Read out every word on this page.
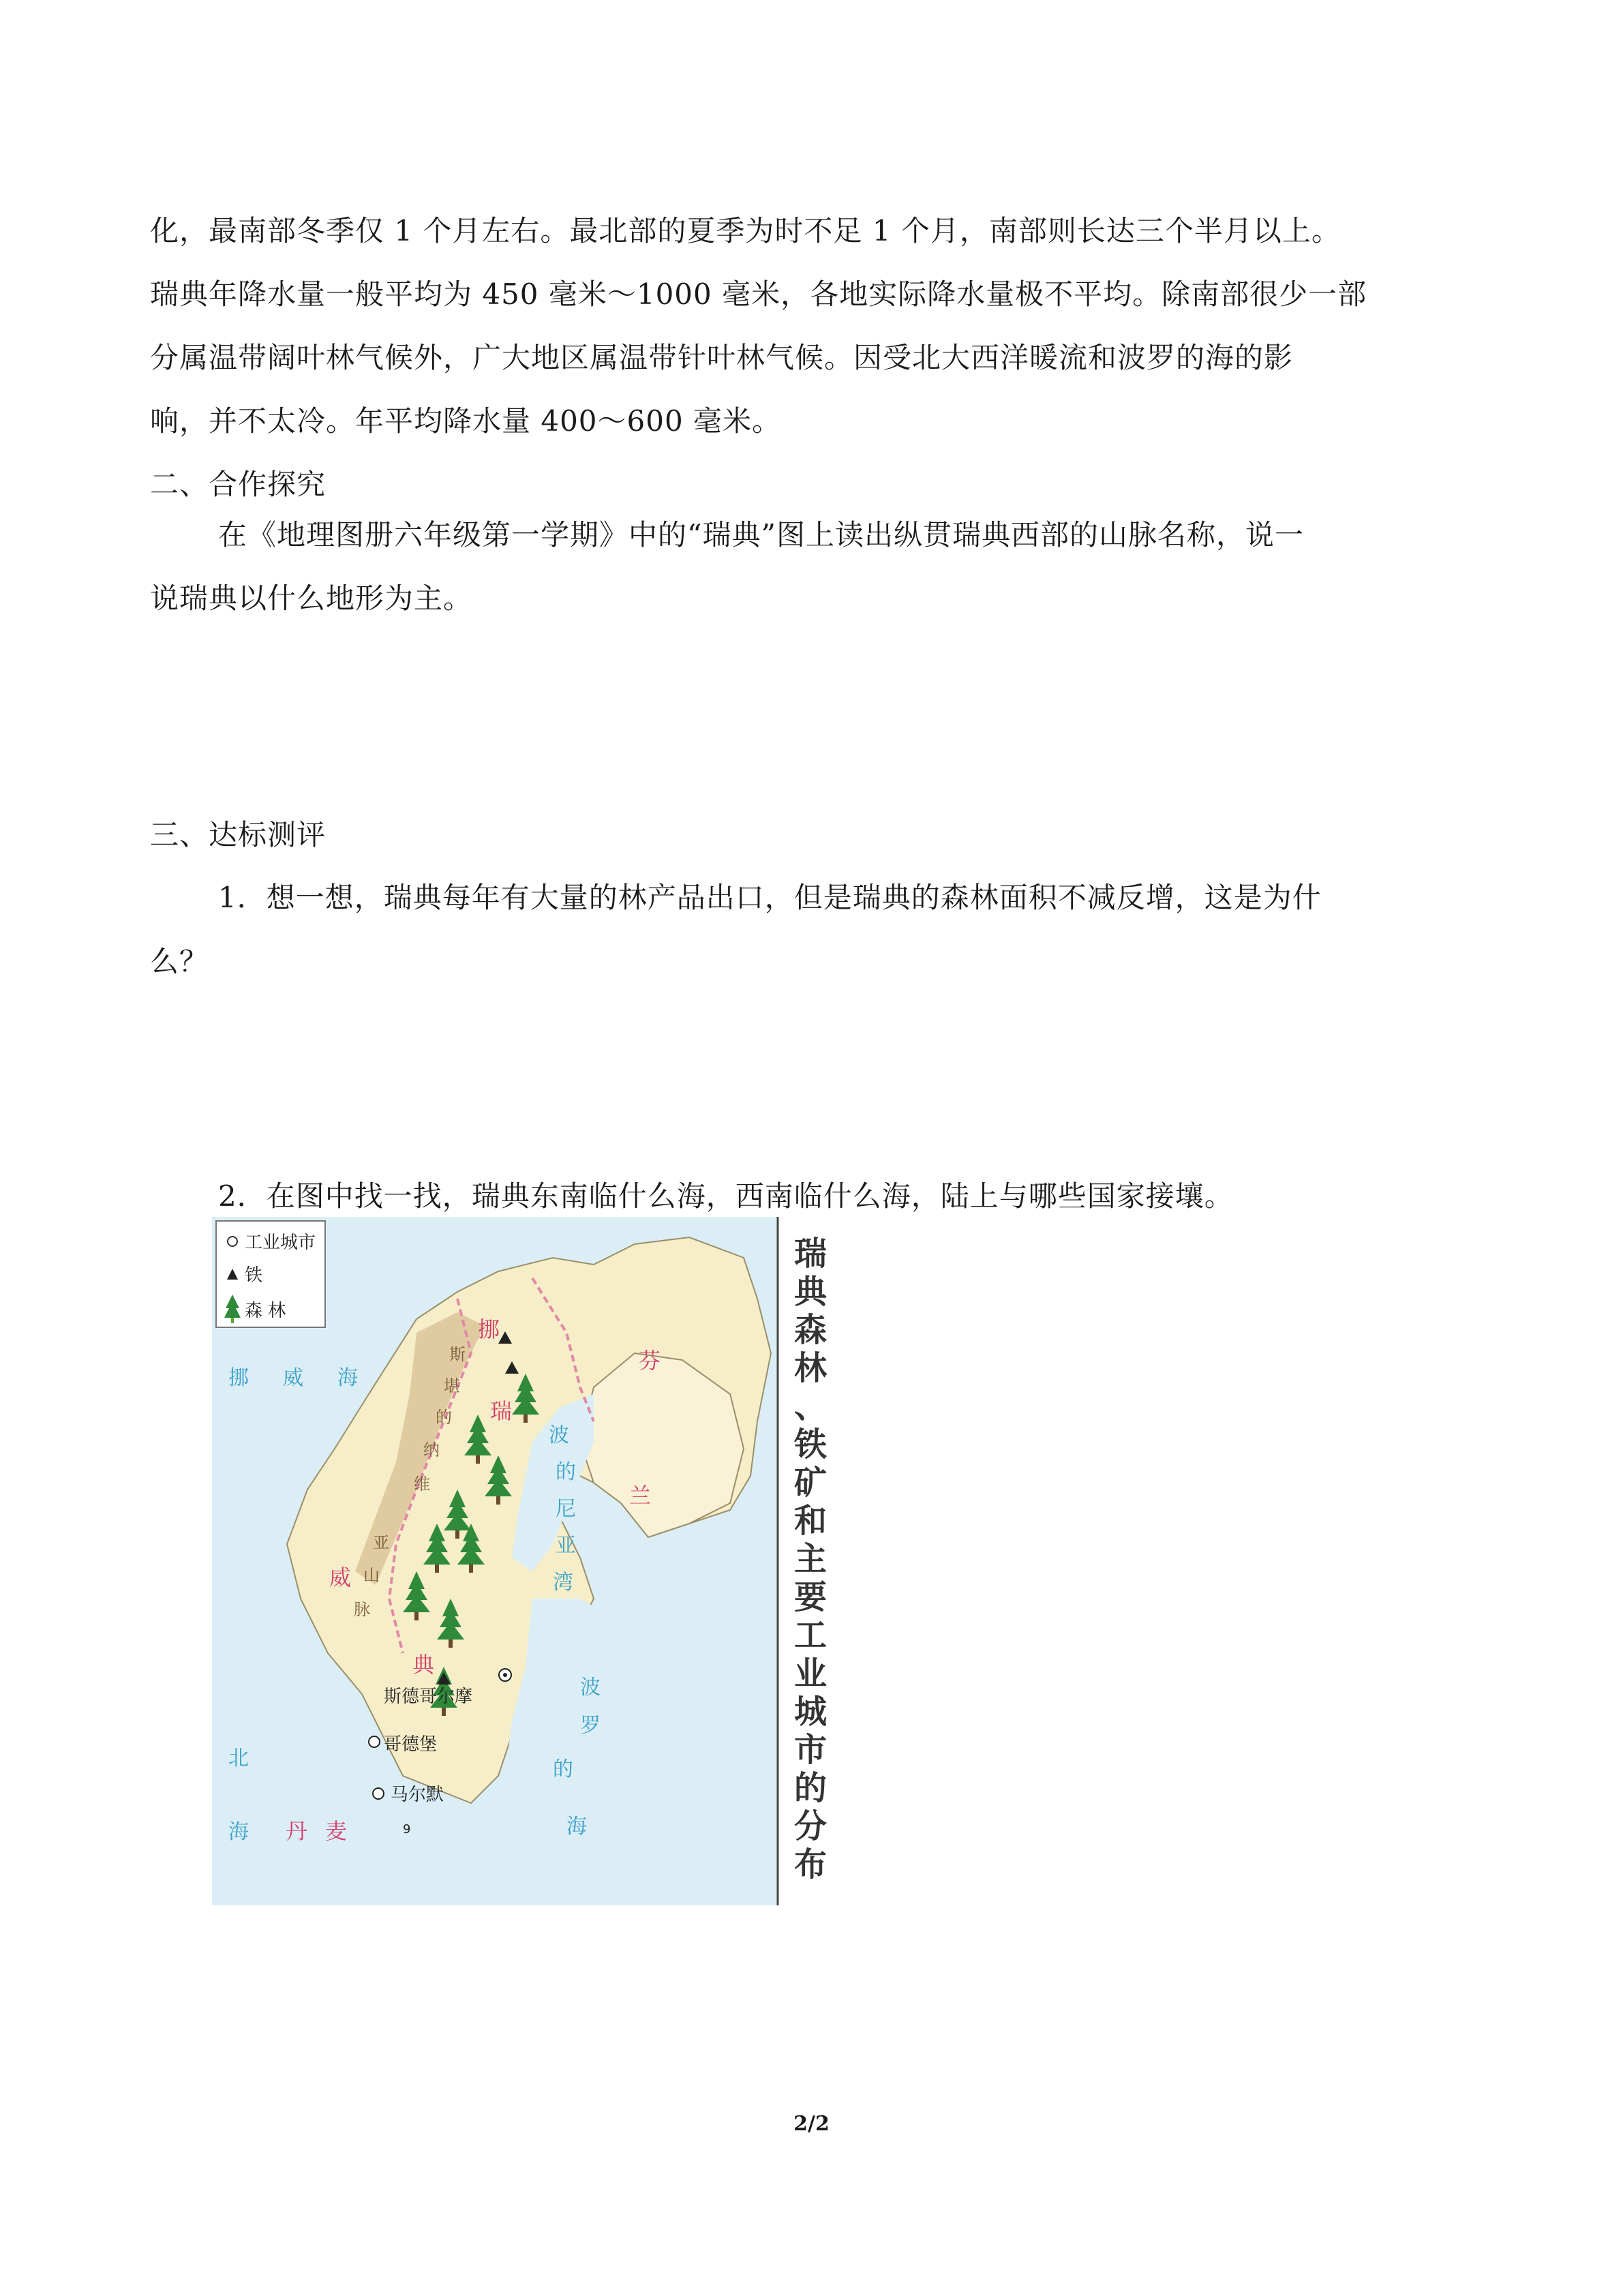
化，最南部冬季仅 1 个月左右。最北部的夏季为时不足 1 个月，南部则长达三个半月以上。
瑞典年降水量一般平均为 450 毫米～1000 毫米，各地实际降水量极不平均。除南部很少一部
分属温带阔叶林气候外，广大地区属温带针叶林气候。因受北大西洋暖流和波罗的海的影
响，并不太冷。年平均降水量 400～600 毫米。
二、合作探究
在《地理图册六年级第一学期》中的“瑞典”图上读出纵贯瑞典西部的山脉名称，说一
说瑞典以什么地形为主。
三、达标测评
1．想一想，瑞典每年有大量的林产品出口，但是瑞典的森林面积不减反增，这是为什
么？
2．在图中找一找，瑞典东南临什么海，西南临什么海，陆上与哪些国家接壤。
工业城市
铁
森 林
瑞
典
森
林
、
铁
矿
和
主
要
工
业
城
市
的
分
布
挪 威 海
北
海
波
的
尼
亚
湾
波
罗
的
海
挪
威
瑞
典
芬
兰
丹 麦
斯
堪
的
纳
维
亚
山
脉
斯德哥尔摩
哥德堡
马尔默
9
2/2
